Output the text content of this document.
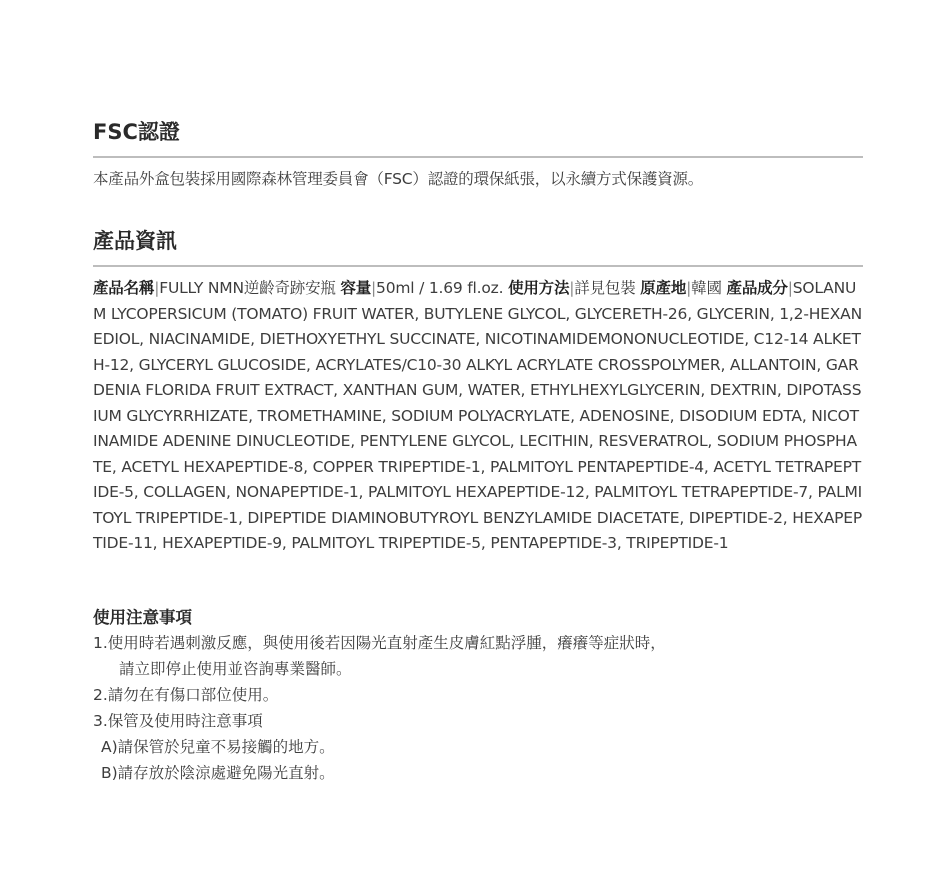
FSC認證

本產品外盒包裝採用國際森林管理委員會（FSC）認證的環保紙張，以永續方式保護資源。

產品資訊

產品名稱|FULLY NMN逆齡奇跡安瓶 容量|50ml / 1.69 fl.oz. 使用方法|詳見包裝 原產地|韓國 產品成分|SOLANUM LYCOPERSICUM (TOMATO) FRUIT WATER, BUTYLENE GLYCOL, GLYCERETH-26, GLYCERIN, 1,2-HEXANEDIOL, NIACINAMIDE, DIETHOXYETHYL SUCCINATE, NICOTINAMIDEMONONUCLEOTIDE, C12-14 ALKETH-12, GLYCERYL GLUCOSIDE, ACRYLATES/C10-30 ALKYL ACRYLATE CROSSPOLYMER, ALLANTOIN, GARDENIA FLORIDA FRUIT EXTRACT, XANTHAN GUM, WATER, ETHYLHEXYLGLYCERIN, DEXTRIN, DIPOTASSIUM GLYCYRRHIZATE, TROMETHAMINE, SODIUM POLYACRYLATE, ADENOSINE, DISODIUM EDTA, NICOTINAMIDE ADENINE DINUCLEOTIDE, PENTYLENE GLYCOL, LECITHIN, RESVERATROL, SODIUM PHOSPHATE, ACETYL HEXAPEPTIDE-8, COPPER TRIPEPTIDE-1, PALMITOYL PENTAPEPTIDE-4, ACETYL TETRAPEPTIDE-5, COLLAGEN, NONAPEPTIDE-1, PALMITOYL HEXAPEPTIDE-12, PALMITOYL TETRAPEPTIDE-7, PALMITOYL TRIPEPTIDE-1, DIPEPTIDE DIAMINOBUTYROYL BENZYLAMIDE DIACETATE, DIPEPTIDE-2, HEXAPEPTIDE-11, HEXAPEPTIDE-9, PALMITOYL TRIPEPTIDE-5, PENTAPEPTIDE-3, TRIPEPTIDE-1

使用注意事項

1.使用時若遇刺激反應，與使用後若因陽光直射產生皮膚紅點浮腫，癢癢等症狀時，

請立即停止使用並咨詢專業醫師。

2.請勿在有傷口部位使用。

3.保管及使用時注意事項

A)請保管於兒童不易接觸的地方。

B)請存放於陰涼處避免陽光直射。
